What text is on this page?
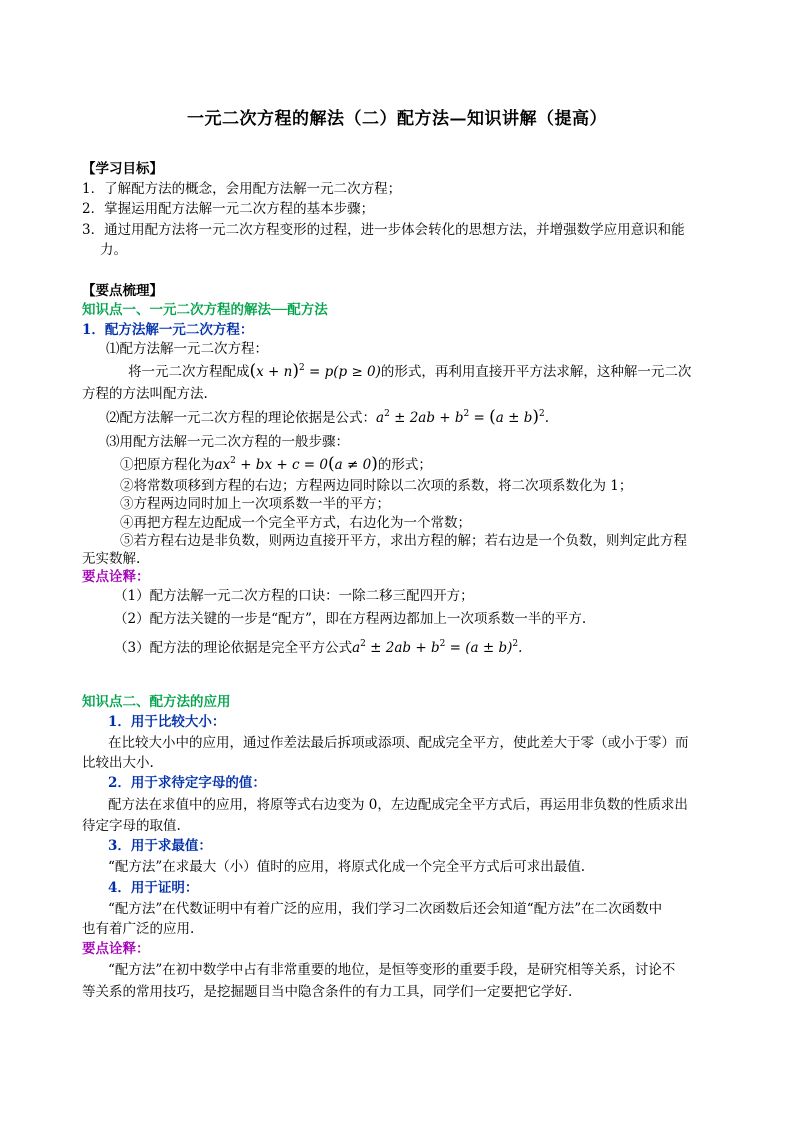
一元二次方程的解法（二）配方法—知识讲解（提高）
【学习目标】
1．了解配方法的概念，会用配方法解一元二次方程；
2．掌握运用配方法解一元二次方程的基本步骤；
3．通过用配方法将一元二次方程变形的过程，进一步体会转化的思想方法，并增强数学应用意识和能
力。
【要点梳理】
知识点一、一元二次方程的解法──配方法
1．配方法解一元二次方程：
⑴配方法解一元二次方程：
将一元二次方程配成$(x + n)^2 = p(p \ge 0)$的形式，再利用直接开平方法求解，这种解一元二次
方程的方法叫配方法.
⑵配方法解一元二次方程的理论依据是公式：$a^2 \pm 2ab + b^2 = (a \pm b)^2$.
⑶用配方法解一元二次方程的一般步骤：
①把原方程化为$ax^2$ + bx + c = 0(a ≠ 0)的形式；
②将常数项移到方程的右边；方程两边同时除以二次项的系数，将二次项系数化为 1；
③方程两边同时加上一次项系数一半的平方；
④再把方程左边配成一个完全平方式，右边化为一个常数；
⑤若方程右边是非负数，则两边直接开平方，求出方程的解；若右边是一个负数，则判定此方程
无实数解.
要点诠释：
（1）配方法解一元二次方程的口诀：一除二移三配四开方；
（2）配方法关键的一步是“配方”，即在方程两边都加上一次项系数一半的平方.
（3）配方法的理论依据是完全平方公式$a^2 \pm 2ab + b^2 = (a \pm b)^2$.
知识点二、配方法的应用
1．用于比较大小：
在比较大小中的应用，通过作差法最后拆项或添项、配成完全平方，使此差大于零（或小于零）而
比较出大小.
2．用于求待定字母的值：
配方法在求值中的应用，将原等式右边变为 0，左边配成完全平方式后，再运用非负数的性质求出
待定字母的取值.
3．用于求最值：
“配方法”在求最大（小）值时的应用，将原式化成一个完全平方式后可求出最值.
4．用于证明：
“配方法”在代数证明中有着广泛的应用，我们学习二次函数后还会知道“配方法”在二次函数中
也有着广泛的应用.
要点诠释：
“配方法”在初中数学中占有非常重要的地位，是恒等变形的重要手段，是研究相等关系，讨论不
等关系的常用技巧，是挖掘题目当中隐含条件的有力工具，同学们一定要把它学好.
